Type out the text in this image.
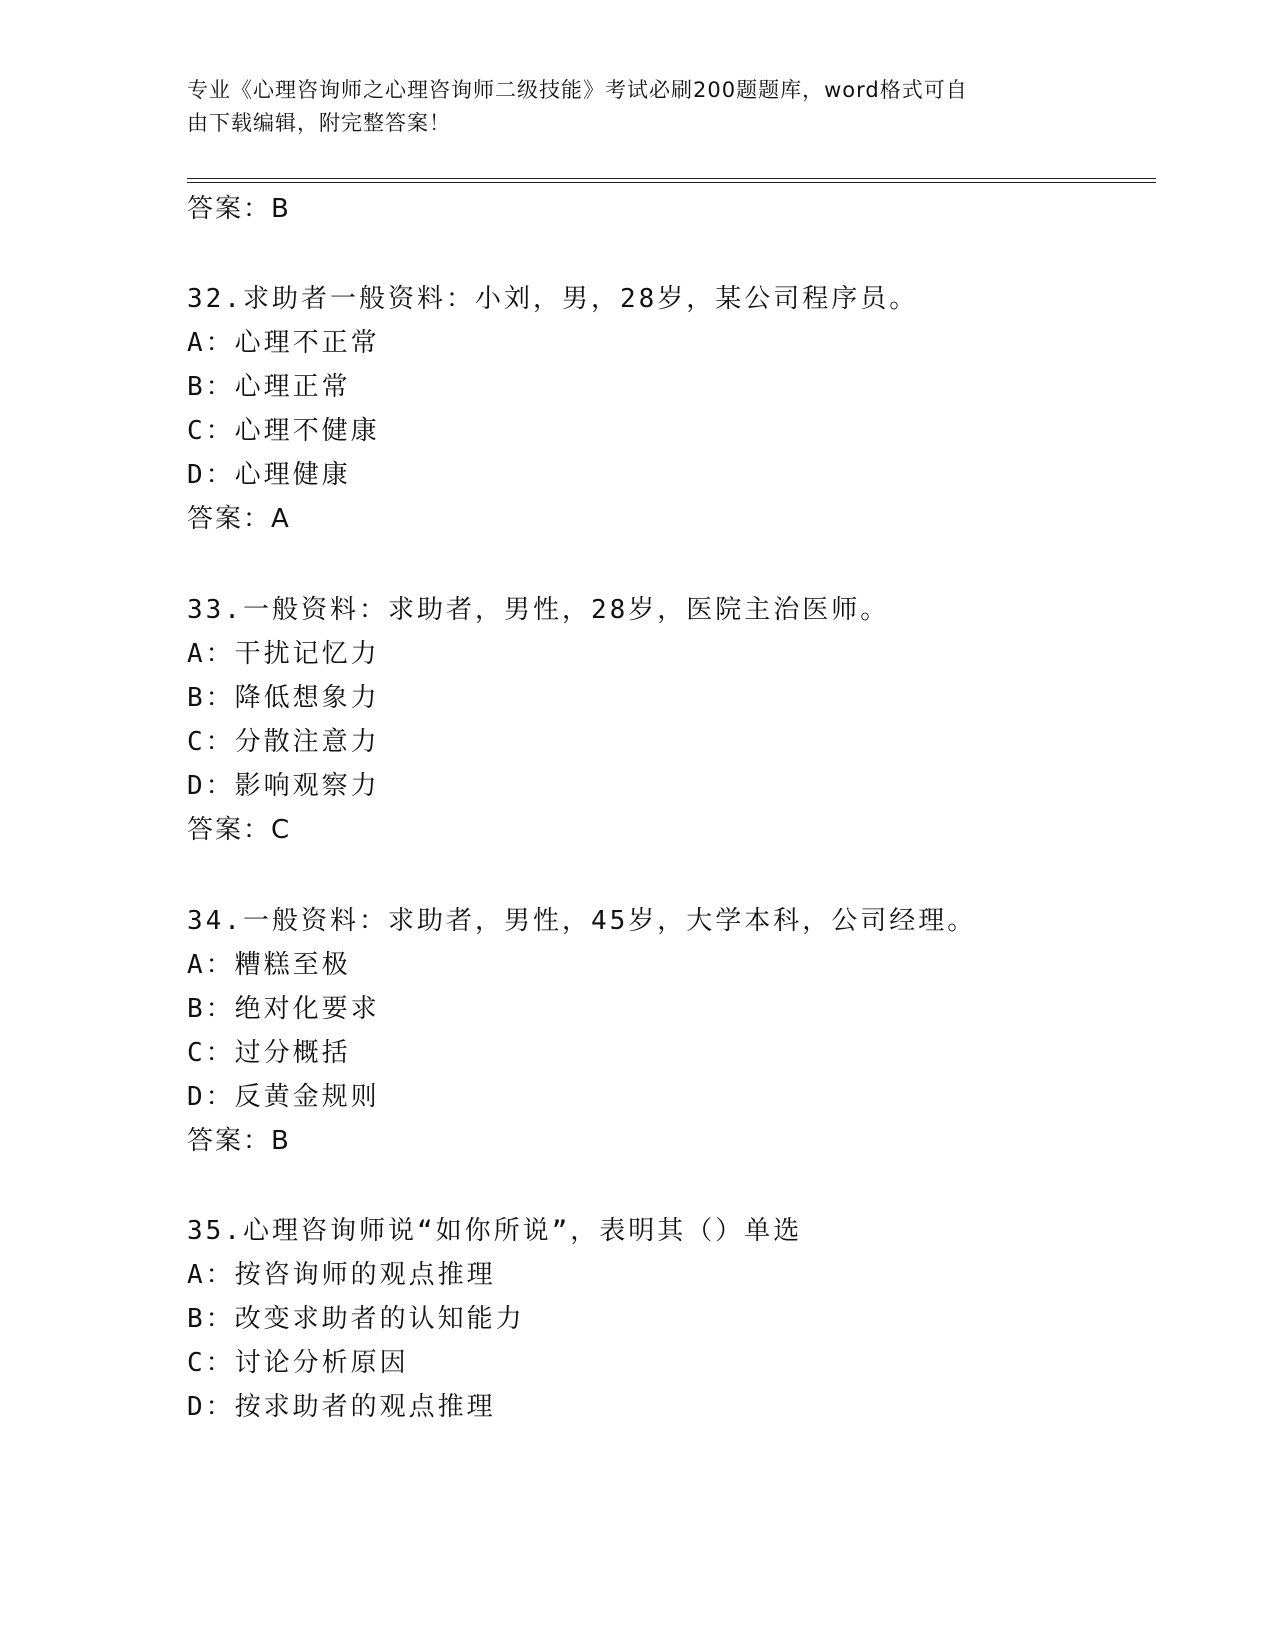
专业《心理咨询师之心理咨询师二级技能》考试必刷200题题库，word格式可自
由下载编辑，附完整答案！
答案：B
32.求助者一般资料：小刘，男，28岁，某公司程序员。
A：心理不正常
B：心理正常
C：心理不健康
D：心理健康
答案：A
33.一般资料：求助者，男性，28岁，医院主治医师。
A：干扰记忆力
B：降低想象力
C：分散注意力
D：影响观察力
答案：C
34.一般资料：求助者，男性，45岁，大学本科，公司经理。
A：糟糕至极
B：绝对化要求
C：过分概括
D：反黄金规则
答案：B
35.心理咨询师说“如你所说”，表明其（）单选
A：按咨询师的观点推理
B：改变求助者的认知能力
C：讨论分析原因
D：按求助者的观点推理
